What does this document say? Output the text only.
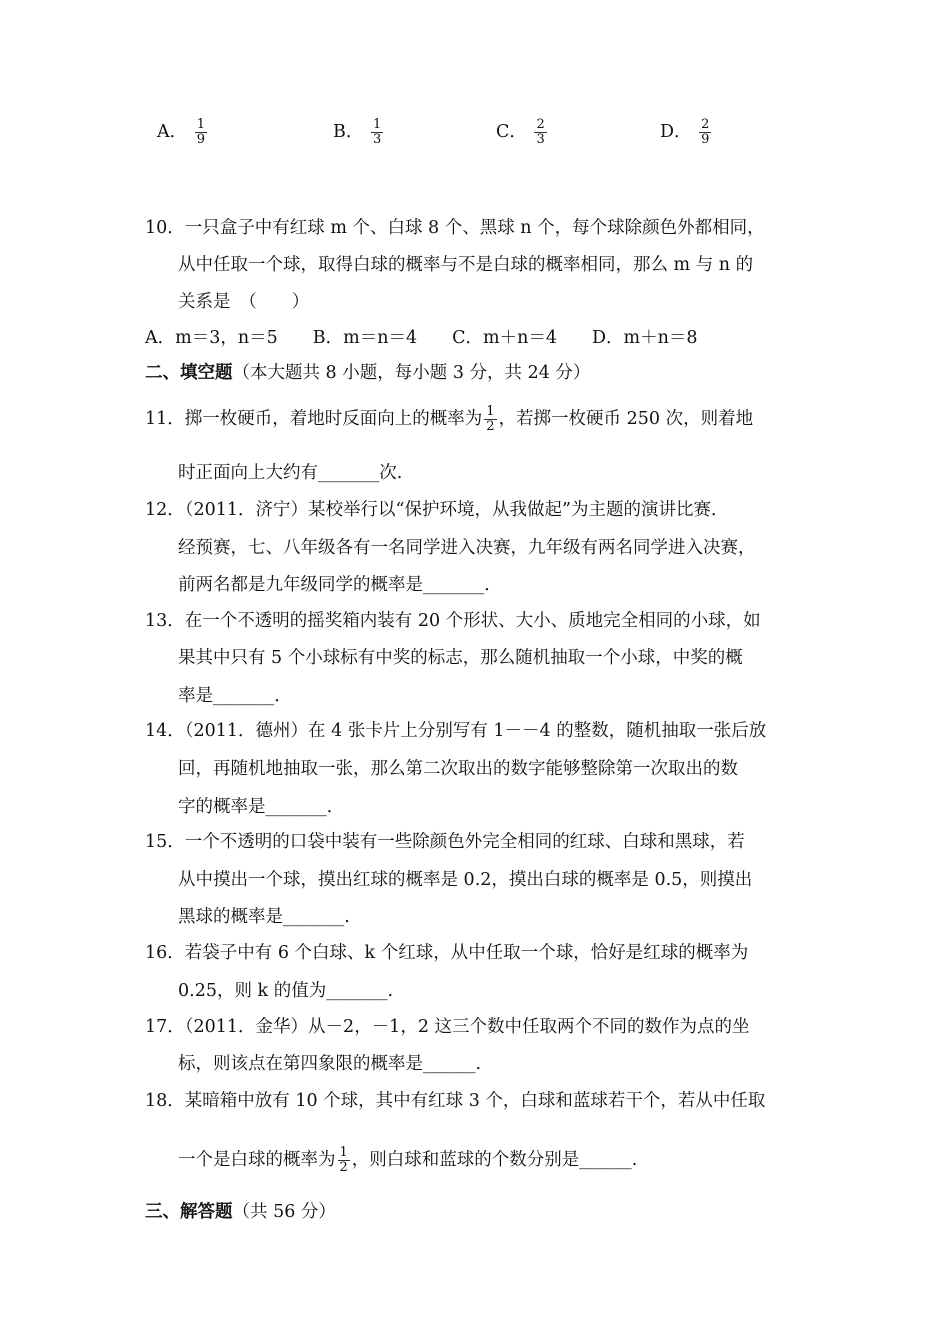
A． $\frac{1}{9}$	B． $\frac{1}{3}$	C． $\frac{2}{3}$	D． $\frac{2}{9}$
10．一只盒子中有红球 m 个、白球 8 个、黑球 n 个，每个球除颜色外都相同，
从中任取一个球，取得白球的概率与不是白球的概率相同，那么 m 与 n 的
关系是　（　　）
A．m＝3，n＝5　　B．m＝n＝4　　C．m＋n＝4　　D．m＋n＝8
二、填空题（本大题共 8 小题，每小题 3 分，共 24 分）
11．掷一枚硬币，着地时反面向上的概率为 $\frac{1}{2}$ ，若掷一枚硬币 250 次，则着地
时正面向上大约有_______次.
12．（2011．济宁）某校举行以“保护环境，从我做起”为主题的演讲比赛．
经预赛，七、八年级各有一名同学进入决赛，九年级有两名同学进入决赛，
前两名都是九年级同学的概率是_______．
13．在一个不透明的摇奖箱内装有 20 个形状、大小、质地完全相同的小球，如
果其中只有 5 个小球标有中奖的标志，那么随机抽取一个小球，中奖的概
率是_______．
14．（2011．德州）在 4 张卡片上分别写有 1－－4 的整数，随机抽取一张后放
回，再随机地抽取一张，那么第二次取出的数字能够整除第一次取出的数
字的概率是_______．
15．一个不透明的口袋中装有一些除颜色外完全相同的红球、白球和黑球，若
从中摸出一个球，摸出红球的概率是 0.2，摸出白球的概率是 0.5，则摸出
黑球的概率是_______.
16．若袋子中有 6 个白球、k 个红球，从中任取一个球，恰好是红球的概率为
0.25，则 k 的值为_______.
17．（2011．金华）从－2，－1，2 这三个数中任取两个不同的数作为点的坐
标，则该点在第四象限的概率是______.
18．某暗箱中放有 10 个球，其中有红球 3 个，白球和蓝球若干个，若从中任取
一个是白球的概率为 $\frac{1}{2}$ ，则白球和蓝球的个数分别是______.
三、解答题（共 56 分）
